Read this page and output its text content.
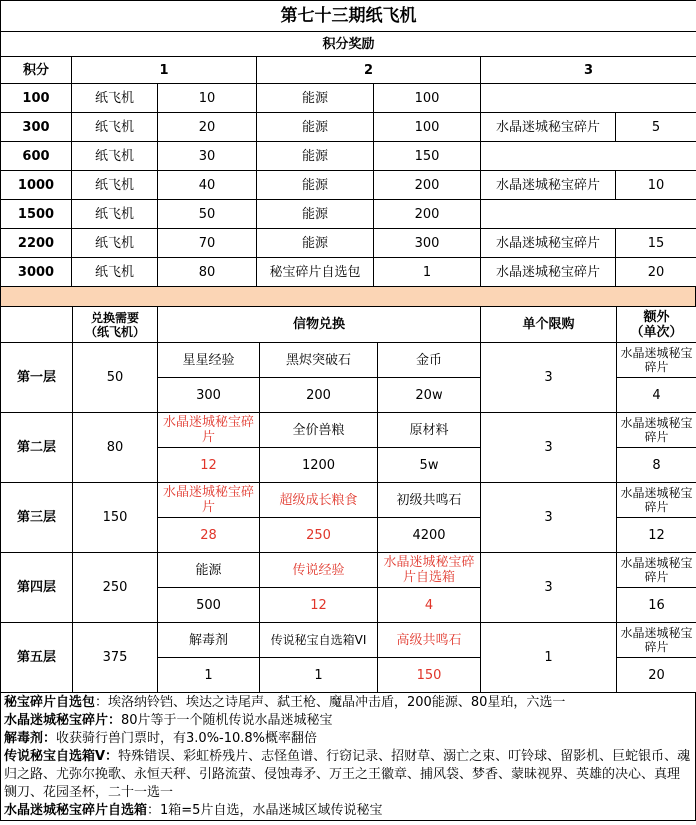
第七十三期纸飞机						
积分奖励						
积分	1		2		3	
100	纸飞机	10	能源	100		
300	纸飞机	20	能源	100	水晶迷城秘宝碎片	5
600	纸飞机	30	能源	150		
1000	纸飞机	40	能源	200	水晶迷城秘宝碎片	10
1500	纸飞机	50	能源	200		
2200	纸飞机	70	能源	300	水晶迷城秘宝碎片	15
3000	纸飞机	80	秘宝碎片自选包	1	水晶迷城秘宝碎片	20
	兑换需要
（纸飞机）	信物兑换			单个限购	额外
（单次）
第一层	50	星星经验	黑烬突破石	金币	3	水晶迷城秘宝碎片
		300	200	20w		4
第二层	80	水晶迷城秘宝碎片	全价兽粮	原材料	3	水晶迷城秘宝碎片
		12	1200	5w		8
第三层	150	水晶迷城秘宝碎片	超级成长粮食	初级共鸣石	3	水晶迷城秘宝碎片
		28	250	4200		12
第四层	250	能源	传说经验	水晶迷城秘宝碎片自选箱	3	水晶迷城秘宝碎片
		500	12	4		16
第五层	375	解毒剂	传说秘宝自选箱VI	高级共鸣石	1	水晶迷城秘宝碎片
		1	1	150		20
秘宝碎片自选包：埃洛纳铃铛、埃达之诗尾声、弑王枪、魔晶冲击盾，200能源、80星珀，六选一
水晶迷城秘宝碎片：80片等于一个随机传说水晶迷城秘宝
解毒剂：收获骑行兽门票时，有3.0%-10.8%概率翻倍
传说秘宝自选箱V：特殊错误、彩虹桥残片、志怪鱼谱、行窃记录、招财草、溺亡之束、叮铃球、留影机、巨蛇银币、魂归之路、尤弥尔挽歌、永恒天秤、引路流萤、侵蚀毒矛、万王之王徽章、捕风袋、梦香、蒙昧视界、英雄的决心、真理铡刀、花园圣杯，二十一选一
水晶迷城秘宝碎片自选箱：1箱=5片自选，水晶迷城区域传说秘宝
